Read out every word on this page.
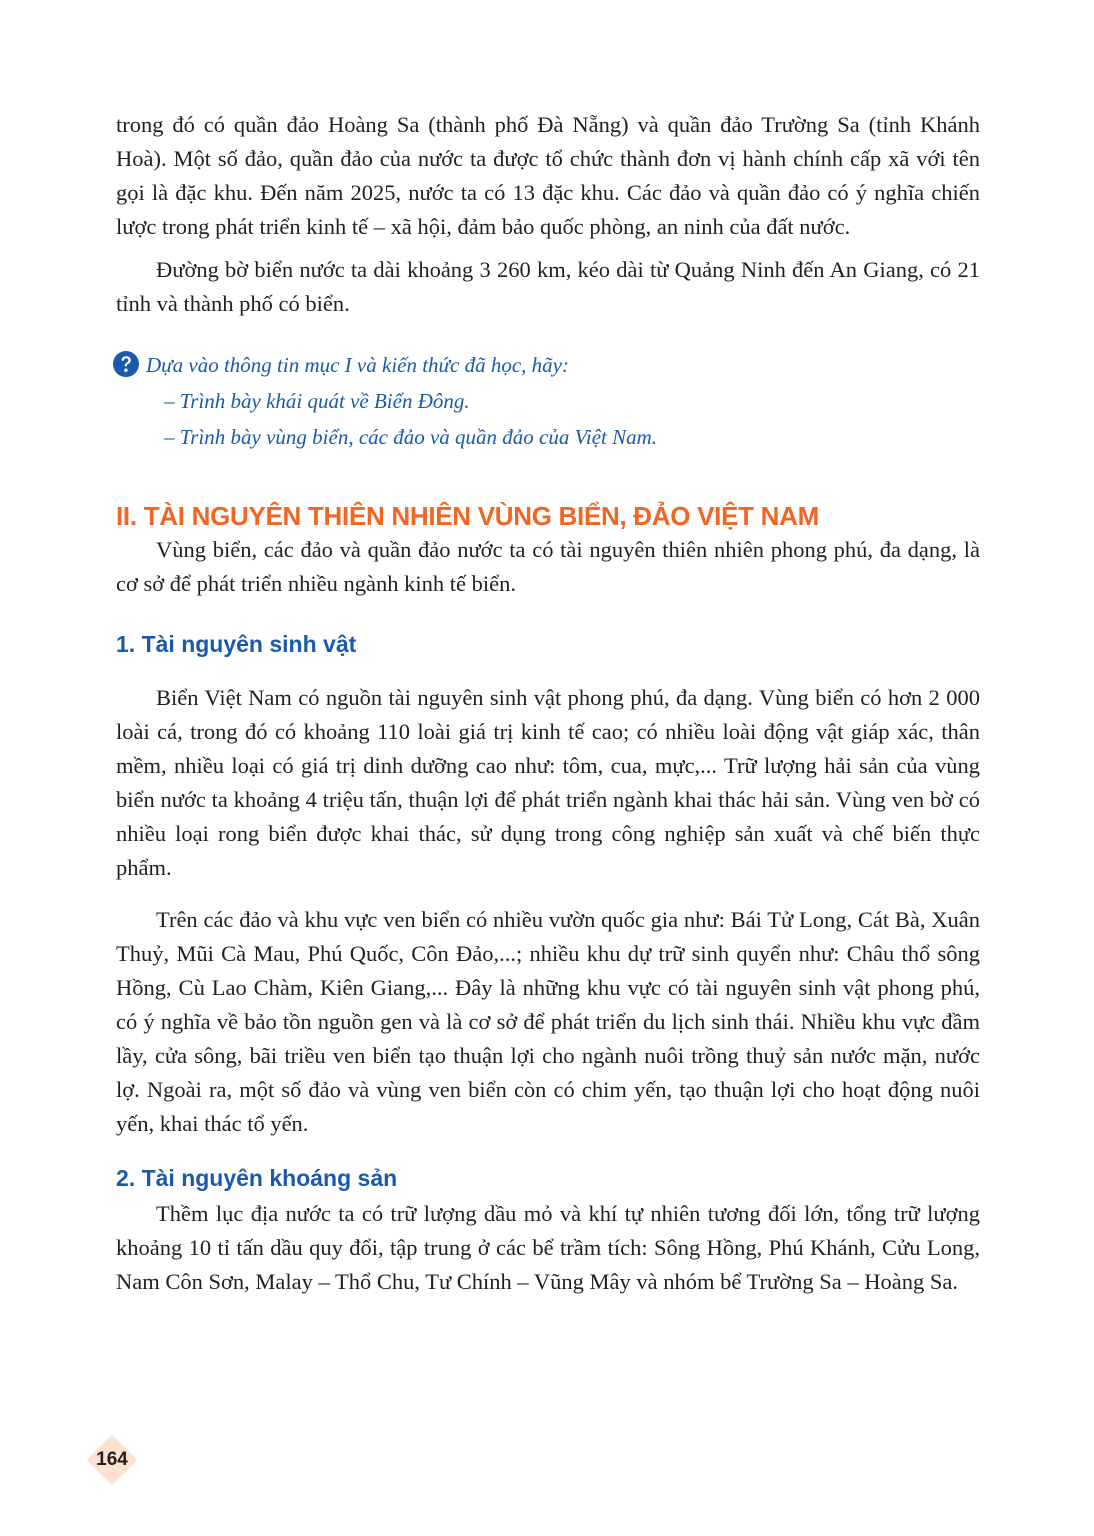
trong đó có quần đảo Hoàng Sa (thành phố Đà Nẵng) và quần đảo Trường Sa (tỉnh Khánh Hoà). Một số đảo, quần đảo của nước ta được tổ chức thành đơn vị hành chính cấp xã với tên gọi là đặc khu. Đến năm 2025, nước ta có 13 đặc khu. Các đảo và quần đảo có ý nghĩa chiến lược trong phát triển kinh tế – xã hội, đảm bảo quốc phòng, an ninh của đất nước.

Đường bờ biển nước ta dài khoảng 3 260 km, kéo dài từ Quảng Ninh đến An Giang, có 21 tỉnh và thành phố có biển.

Dựa vào thông tin mục I và kiến thức đã học, hãy:
– Trình bày khái quát về Biển Đông.
– Trình bày vùng biển, các đảo và quần đảo của Việt Nam.
II. TÀI NGUYÊN THIÊN NHIÊN VÙNG BIỂN, ĐẢO VIỆT NAM

Vùng biển, các đảo và quần đảo nước ta có tài nguyên thiên nhiên phong phú, đa dạng, là cơ sở để phát triển nhiều ngành kinh tế biển.

1. Tài nguyên sinh vật

Biển Việt Nam có nguồn tài nguyên sinh vật phong phú, đa dạng. Vùng biển có hơn 2 000 loài cá, trong đó có khoảng 110 loài giá trị kinh tế cao; có nhiều loài động vật giáp xác, thân mềm, nhiều loại có giá trị dinh dưỡng cao như: tôm, cua, mực,... Trữ lượng hải sản của vùng biển nước ta khoảng 4 triệu tấn, thuận lợi để phát triển ngành khai thác hải sản. Vùng ven bờ có nhiều loại rong biển được khai thác, sử dụng trong công nghiệp sản xuất và chế biến thực phẩm.

Trên các đảo và khu vực ven biển có nhiều vườn quốc gia như: Bái Tử Long, Cát Bà, Xuân Thuỷ, Mũi Cà Mau, Phú Quốc, Côn Đảo,...; nhiều khu dự trữ sinh quyển như: Châu thổ sông Hồng, Cù Lao Chàm, Kiên Giang,... Đây là những khu vực có tài nguyên sinh vật phong phú, có ý nghĩa về bảo tồn nguồn gen và là cơ sở để phát triển du lịch sinh thái. Nhiều khu vực đầm lầy, cửa sông, bãi triều ven biển tạo thuận lợi cho ngành nuôi trồng thuỷ sản nước mặn, nước lợ. Ngoài ra, một số đảo và vùng ven biển còn có chim yến, tạo thuận lợi cho hoạt động nuôi yến, khai thác tổ yến.

2. Tài nguyên khoáng sản

Thềm lục địa nước ta có trữ lượng dầu mỏ và khí tự nhiên tương đối lớn, tổng trữ lượng khoảng 10 tỉ tấn dầu quy đổi, tập trung ở các bể trầm tích: Sông Hồng, Phú Khánh, Cửu Long, Nam Côn Sơn, Malay – Thổ Chu, Tư Chính – Vũng Mây và nhóm bể Trường Sa – Hoàng Sa.

164
